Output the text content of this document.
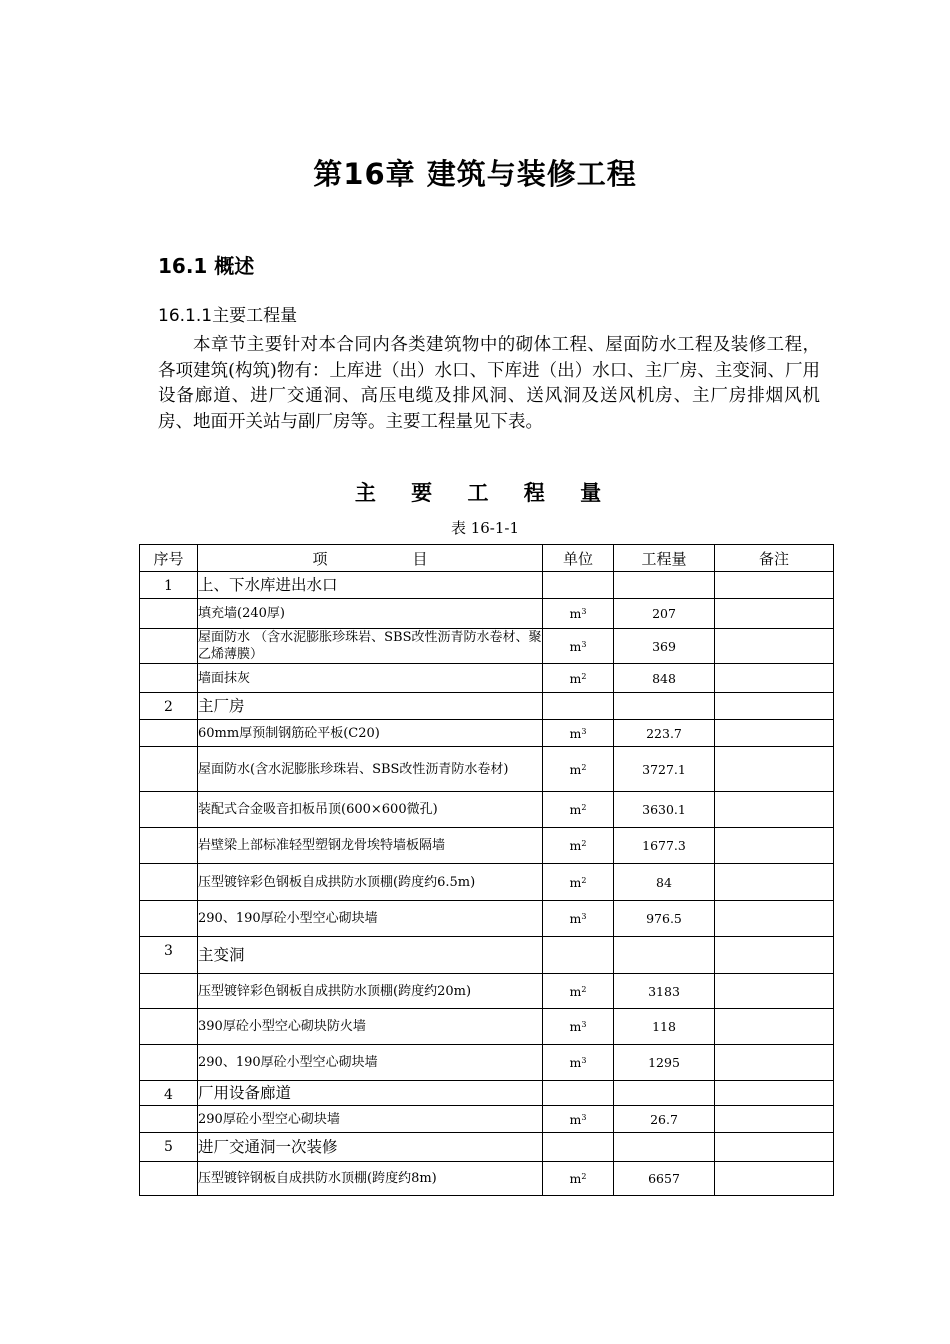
第16章 建筑与装修工程
16.1 概述
16.1.1主要工程量

本章节主要针对本合同内各类建筑物中的砌体工程、屋面防水工程及装修工程，各项建筑(构筑)物有：上库进（出）水口、下库进（出）水口、主厂房、主变洞、厂用设备廊道、进厂交通洞、高压电缆及排风洞、送风洞及送风机房、主厂房排烟风机房、地面开关站与副厂房等。主要工程量见下表。

主 要 工 程 量
表 16-1-1
序号	项 目	单位	工程量	备注
1	上、下水库进出水口			
	填充墙(240厚)	$m^3$	207	
	屋面防水 （含水泥膨胀珍珠岩、SBS改性沥青防水卷材、聚乙烯薄膜）	$m^3$	369	
	墙面抹灰	$m^2$	848	
2	主厂房			
	60mm厚预制钢筋砼平板(C20)	$m^3$	223.7	
	屋面防水(含水泥膨胀珍珠岩、SBS改性沥青防水卷材)	$m^2$	3727.1	
	装配式合金吸音扣板吊顶(600×600微孔)	$m^2$	3630.1	
	岩壁梁上部标准轻型塑钢龙骨埃特墙板隔墙	$m^2$	1677.3	
	压型镀锌彩色钢板自成拱防水顶棚(跨度约6.5m)	$m^2$	84	
	290、190厚砼小型空心砌块墙	$m^3$	976.5	
3	主变洞			
	压型镀锌彩色钢板自成拱防水顶棚(跨度约20m)	$m^2$	3183	
	390厚砼小型空心砌块防火墙	$m^3$	118	
	290、190厚砼小型空心砌块墙	$m^3$	1295	
4	厂用设备廊道			
	290厚砼小型空心砌块墙	$m^3$	26.7	
5	进厂交通洞一次装修			
	压型镀锌钢板自成拱防水顶棚(跨度约8m)	$m^2$	6657	
